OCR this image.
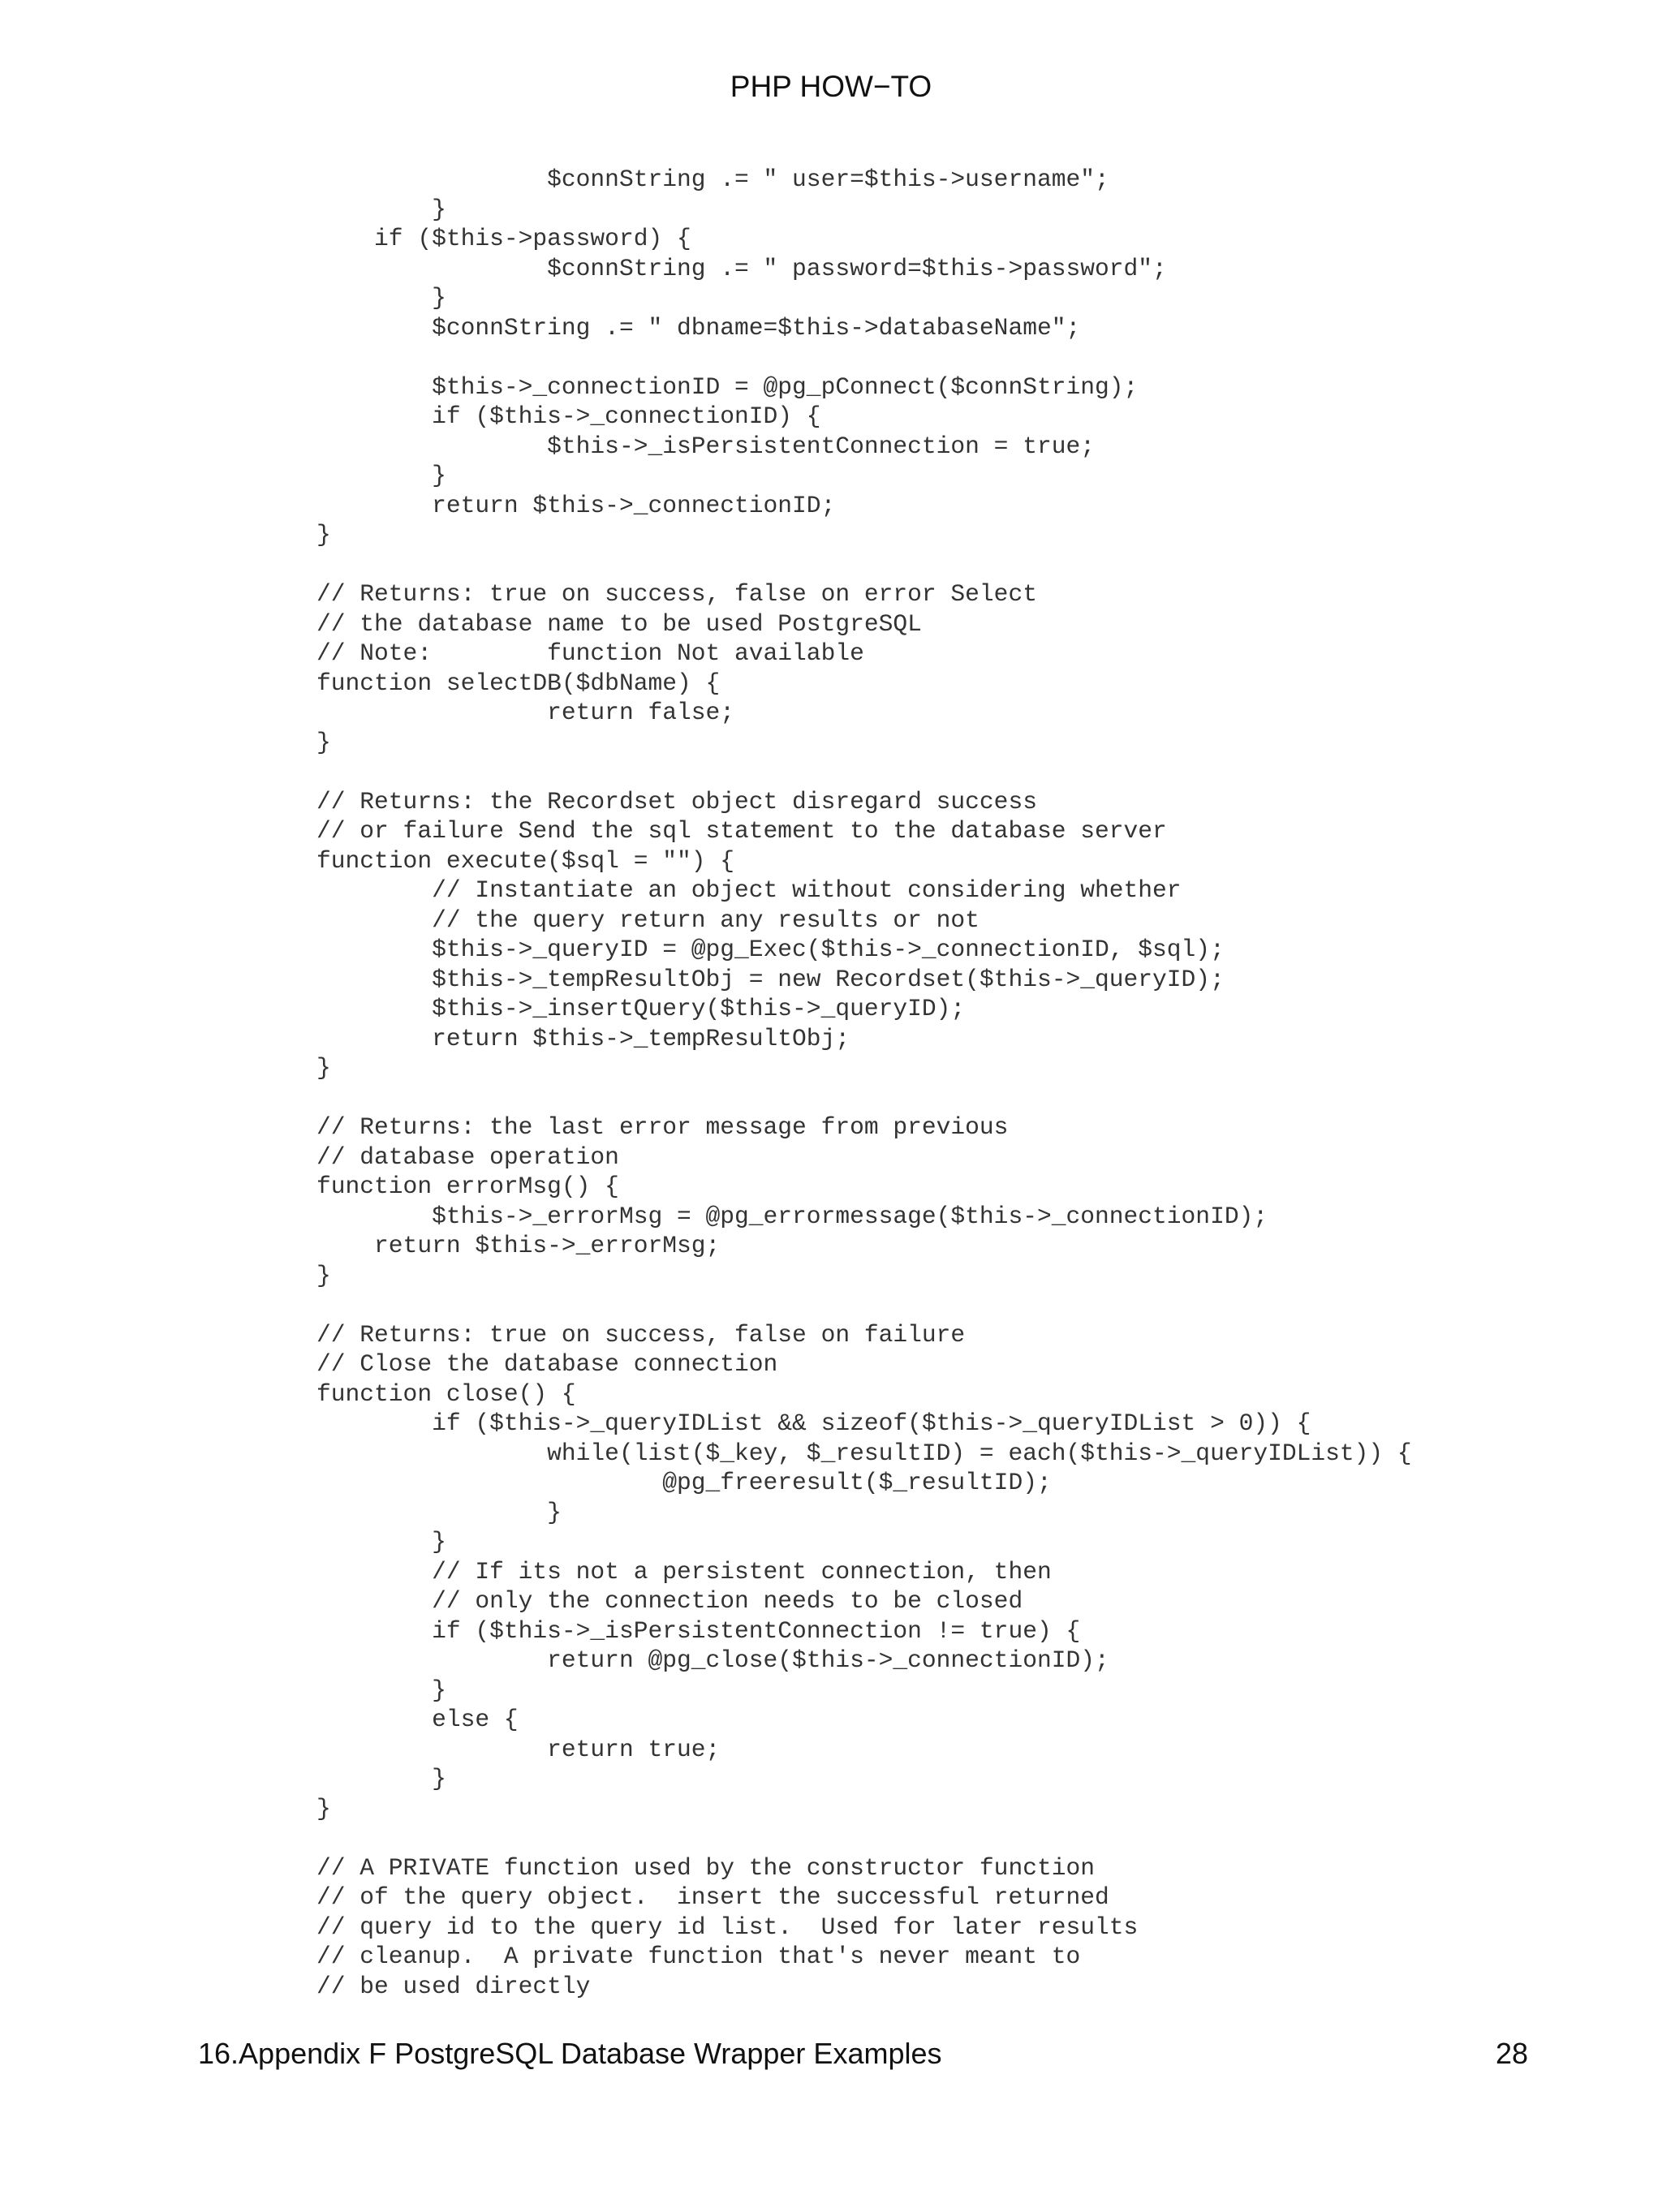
PHP HOW−TO
$connString .= " user=$this->username";
}
if ($this->password) {
$connString .= " password=$this->password";
}
$connString .= " dbname=$this->databaseName";
$this->_connectionID = @pg_pConnect($connString);
if ($this->_connectionID) {
$this->_isPersistentConnection = true;
}
return $this->_connectionID;
}
// Returns: true on success, false on error Select
// the database name to be used PostgreSQL
// Note:        function Not available
function selectDB($dbName) {
return false;
}
// Returns: the Recordset object disregard success
// or failure Send the sql statement to the database server
function execute($sql = "") {
// Instantiate an object without considering whether
// the query return any results or not
$this->_queryID = @pg_Exec($this->_connectionID, $sql);
$this->_tempResultObj = new Recordset($this->_queryID);
$this->_insertQuery($this->_queryID);
return $this->_tempResultObj;
}
// Returns: the last error message from previous
// database operation
function errorMsg() {
$this->_errorMsg = @pg_errormessage($this->_connectionID);
return $this->_errorMsg;
}
// Returns: true on success, false on failure
// Close the database connection
function close() {
if ($this->_queryIDList && sizeof($this->_queryIDList > 0)) {
while(list($_key, $_resultID) = each($this->_queryIDList)) {
@pg_freeresult($_resultID);
}
}
// If its not a persistent connection, then
// only the connection needs to be closed
if ($this->_isPersistentConnection != true) {
return @pg_close($this->_connectionID);
}
else {
return true;
}
}
// A PRIVATE function used by the constructor function
// of the query object.  insert the successful returned
// query id to the query id list.  Used for later results
// cleanup.  A private function that's never meant to
// be used directly
16.Appendix F PostgreSQL Database Wrapper Examples	28
